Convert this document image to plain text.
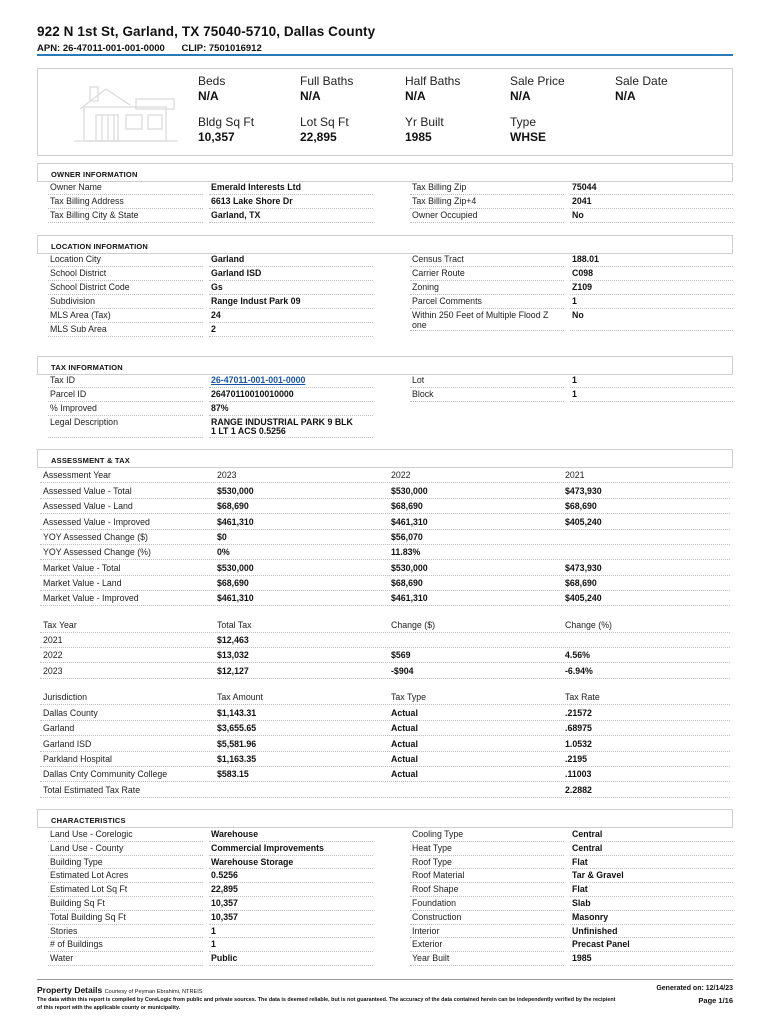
922 N 1st St, Garland, TX 75040-5710, Dallas County
APN: 26-47011-001-001-0000 CLIP: 7501016912
Beds
N/A
Full Baths
N/A
Half Baths
N/A
Sale Price
N/A
Sale Date
N/A
Bldg Sq Ft
10,357
Lot Sq Ft
22,895
Yr Built
1985
Type
WHSE
OWNER INFORMATION
LOCATION INFORMATION
TAX INFORMATION
ASSESSMENT & TAX
CHARACTERISTICS
Property Details Courtesy of Peyman Ebrahimi, NTREIS	Generated on: 12/14/23
The data within this report is compiled by CoreLogic from public and private sources. The data is deemed reliable, but is not guaranteed. The accuracy of the data contained herein can be independently verified by the recipient of this report with the applicable county or municipality.
Page 1/16
Owner Name	Emerald Interests Ltd
Tax Billing Address	6613 Lake Shore Dr
Tax Billing City & State	Garland, TX
Tax Billing Zip	75044
Tax Billing Zip+4	2041
Owner Occupied	No
Location City	Garland
School District	Garland ISD
School District Code	Gs
Subdivision	Range Indust Park 09
MLS Area (Tax)	24
MLS Sub Area	2
Census Tract	188.01
Carrier Route	C098
Zoning	Z109
Parcel Comments	1
Within 250 Feet of Multiple Flood Z
one
No
Tax ID	26-47011-001-001-0000
Parcel ID	26470110010010000
% Improved	87%
Legal Description	RANGE INDUSTRIAL PARK 9 BLK
1 LT 1 ACS 0.5256
Lot	1
Block	1
Land Use - Corelogic	Warehouse
Land Use - County	Commercial Improvements
Building Type	Warehouse Storage
Estimated Lot Acres	0.5256
Estimated Lot Sq Ft	22,895
Building Sq Ft	10,357
Total Building Sq Ft	10,357
Stories	1
# of Buildings	1
Water	Public
Cooling Type	Central
Heat Type	Central
Roof Type	Flat
Roof Material	Tar & Gravel
Roof Shape	Flat
Foundation	Slab
Construction	Masonry
Interior	Unfinished
Exterior	Precast Panel
Year Built	1985
Assessment Year	2023	2022	2021
Assessed Value - Total	$530,000	$530,000	$473,930
Assessed Value - Land	$68,690	$68,690	$68,690
Assessed Value - Improved	$461,310	$461,310	$405,240
YOY Assessed Change ($)	$0	$56,070
YOY Assessed Change (%)	0%	11.83%
Market Value - Total	$530,000	$530,000	$473,930
Market Value - Land	$68,690	$68,690	$68,690
Market Value - Improved	$461,310	$461,310	$405,240
Tax Year	Total Tax	Change ($)	Change (%)
2021	$12,463
2022	$13,032	$569	4.56%
2023	$12,127	-$904	-6.94%
Jurisdiction	Tax Amount	Tax Type	Tax Rate
Dallas County	$1,143.31	Actual	.21572
Garland	$3,655.65	Actual	.68975
Garland ISD	$5,581.96	Actual	1.0532
Parkland Hospital	$1,163.35	Actual	.2195
Dallas Cnty Community College	$583.15	Actual	.11003
Total Estimated Tax Rate	2.2882
